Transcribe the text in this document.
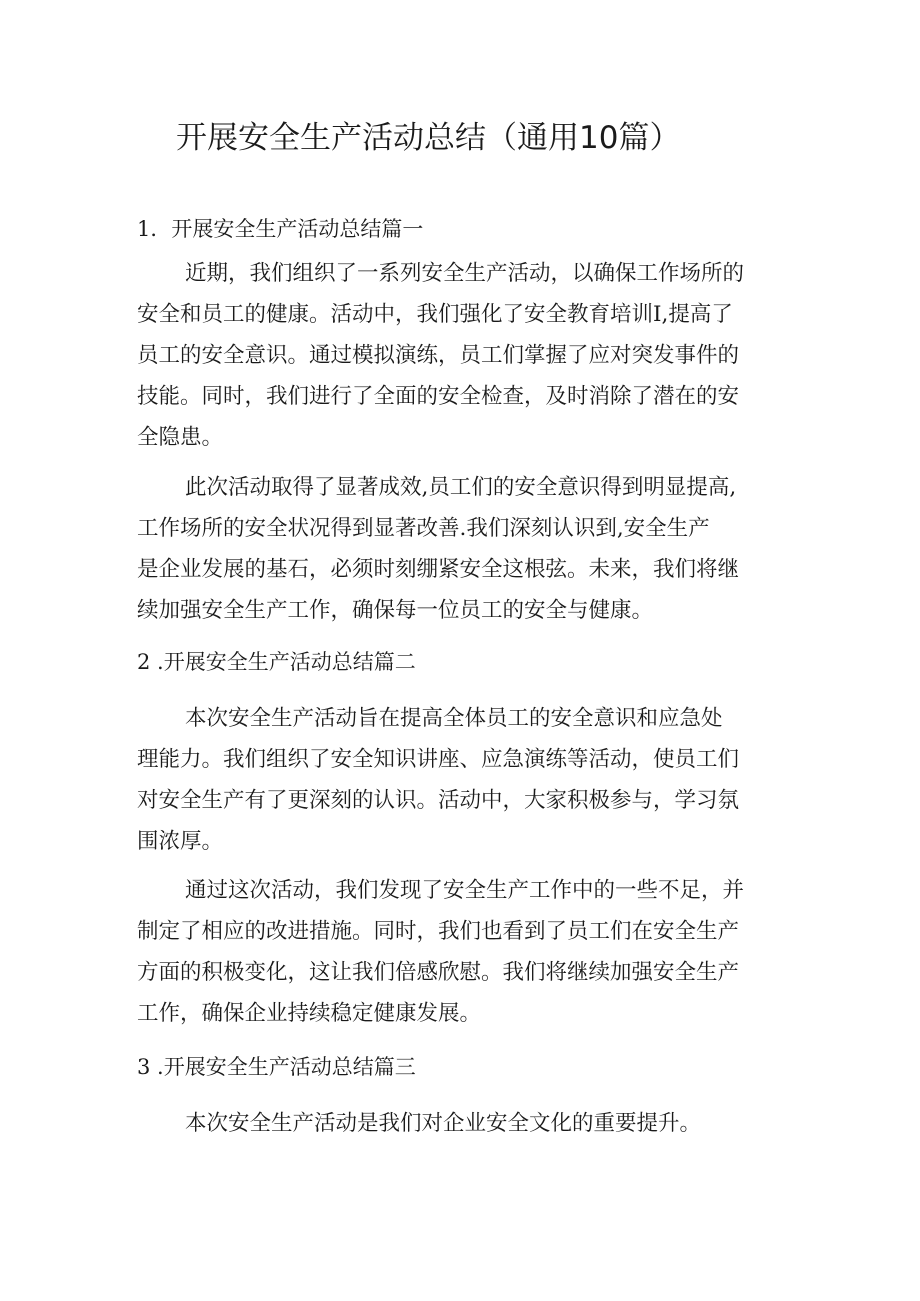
开展安全生产活动总结（通用10篇）

1．开展安全生产活动总结篇一

近期，我们组织了一系列安全生产活动，以确保工作场所的
安全和员工的健康。活动中，我们强化了安全教育培训I,提高了
员工的安全意识。通过模拟演练，员工们掌握了应对突发事件的
技能。同时，我们进行了全面的安全检查，及时消除了潜在的安
全隐患。

此次活动取得了显著成效,员工们的安全意识得到明显提高,
工作场所的安全状况得到显著改善.我们深刻认识到,安全生产
是企业发展的基石，必须时刻绷紧安全这根弦。未来，我们将继
续加强安全生产工作，确保每一位员工的安全与健康。

2 .开展安全生产活动总结篇二

本次安全生产活动旨在提高全体员工的安全意识和应急处
理能力。我们组织了安全知识讲座、应急演练等活动，使员工们
对安全生产有了更深刻的认识。活动中，大家积极参与，学习氛
围浓厚。

通过这次活动，我们发现了安全生产工作中的一些不足，并
制定了相应的改进措施。同时，我们也看到了员工们在安全生产
方面的积极变化，这让我们倍感欣慰。我们将继续加强安全生产
工作，确保企业持续稳定健康发展。

3 .开展安全生产活动总结篇三

本次安全生产活动是我们对企业安全文化的重要提升。
